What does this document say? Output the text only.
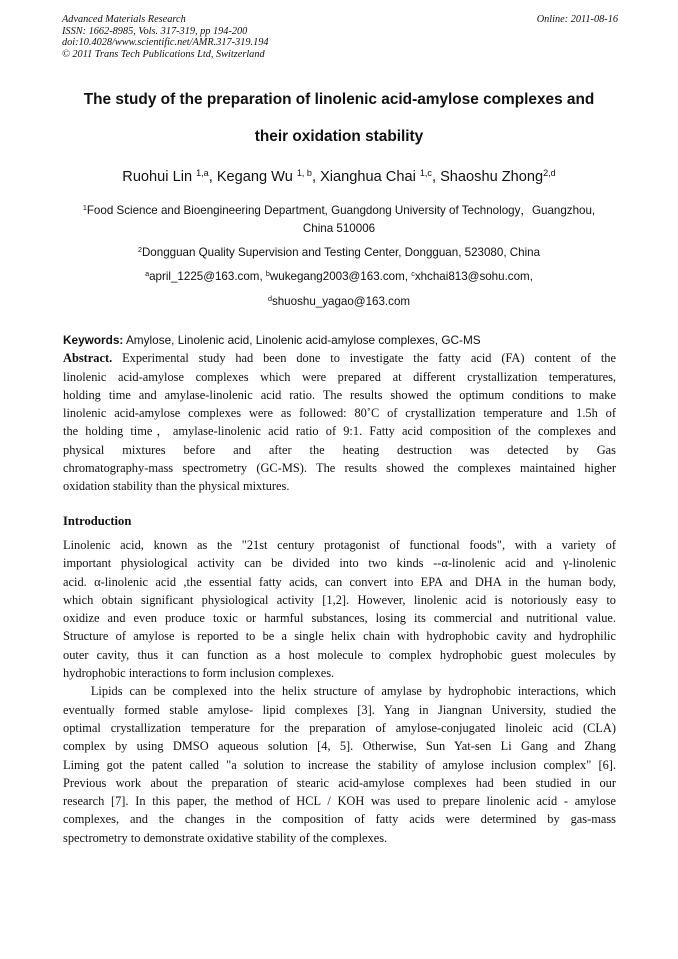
Advanced Materials Research
ISSN: 1662-8985, Vols. 317-319, pp 194-200
doi:10.4028/www.scientific.net/AMR.317-319.194
© 2011 Trans Tech Publications Ltd, Switzerland
Online: 2011-08-16
The study of the preparation of linolenic acid-amylose complexes and
their oxidation stability
Ruohui Lin $^{1,a}$, Kegang Wu $^{1, b}$, Xianghua Chai $^{1,c}$, Shaoshu Zhong$^{2,d}$
$^1$Food Science and Bioengineering Department, Guangdong University of Technology，Guangzhou,
China 510006
$^2$Dongguan Quality Supervision and Testing Center, Dongguan, 523080, China
$^a$april_1225@163.com, $^b$wukegang2003@163.com, $^c$xhchai813@sohu.com,
$^d$shuoshu_yagao@163.com
Keywords: Amylose, Linolenic acid, Linolenic acid-amylose complexes, GC-MS
Abstract. Experimental study had been done to investigate the fatty acid (FA) content of the
linolenic acid-amylose complexes which were prepared at different crystallization temperatures,
holding time and amylase-linolenic acid ratio. The results showed the optimum conditions to make
linolenic acid-amylose complexes were as followed: 80˚C of crystallization temperature and 1.5h of
the holding time，amylase-linolenic acid ratio of 9:1. Fatty acid composition of the complexes and
physical mixtures before and after the heating destruction was detected by Gas
chromatography-mass spectrometry (GC-MS). The results showed the complexes maintained higher
oxidation stability than the physical mixtures.
Introduction
Linolenic acid, known as the "21st century protagonist of functional foods", with a variety of
important physiological activity can be divided into two kinds --α-linolenic acid and γ-linolenic
acid. α-linolenic acid ,the essential fatty acids, can convert into EPA and DHA in the human body,
which obtain significant physiological activity [1,2]. However, linolenic acid is notoriously easy to
oxidize and even produce toxic or harmful substances, losing its commercial and nutritional value.
Structure of amylose is reported to be a single helix chain with hydrophobic cavity and hydrophilic
outer cavity, thus it can function as a host molecule to complex hydrophobic guest molecules by
hydrophobic interactions to form inclusion complexes.
Lipids can be complexed into the helix structure of amylase by hydrophobic interactions, which
eventually formed stable amylose- lipid complexes [3]. Yang in Jiangnan University, studied the
optimal crystallization temperature for the preparation of amylose-conjugated linoleic acid (CLA)
complex by using DMSO aqueous solution [4, 5]. Otherwise, Sun Yat-sen Li Gang and Zhang
Liming got the patent called "a solution to increase the stability of amylose inclusion complex" [6].
Previous work about the preparation of stearic acid-amylose complexes had been studied in our
research [7]. In this paper, the method of HCL / KOH was used to prepare linolenic acid - amylose
complexes, and the changes in the composition of fatty acids were determined by gas-mass
spectrometry to demonstrate oxidative stability of the complexes.
